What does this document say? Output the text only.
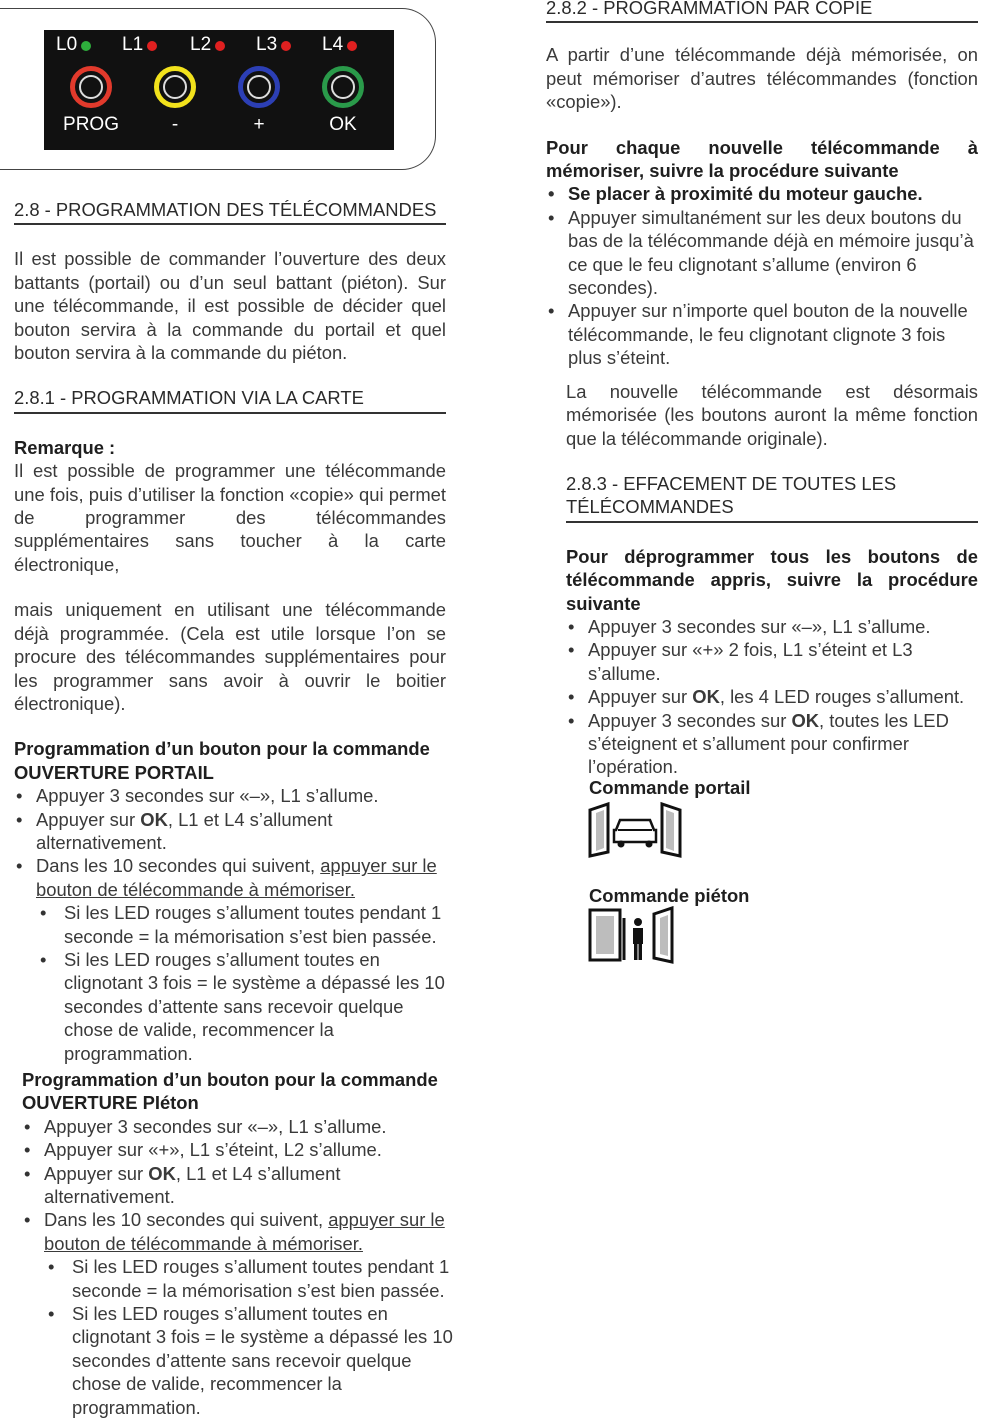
L0	L1	L2	L3	L4
PROG	-	+	OK
2.8 - PROGRAMMATION DES TÉLÉCOMMANDES

Il est possible de commander l’ouverture des deux battants (portail) ou d’un seul battant (piéton). Sur une télécommande, il est possible de décider quel bouton servira à la commande du portail et quel bouton servira à la commande du piéton.

2.8.1 - PROGRAMMATION VIA LA CARTE

Remarque :

Il est possible de programmer une télécommande une fois, puis d’utiliser la fonction «copie» qui permet de programmer des télécommandes supplémentaires sans toucher à la carte électronique,

mais uniquement en utilisant une télécommande déjà programmée. (Cela est utile lorsque l’on se procure des télécommandes supplémentaires pour les programmer sans avoir à ouvrir le boitier électronique).

Programmation d’un bouton pour la commande

OUVERTURE PORTAIL

• Appuyer 3 secondes sur «–», L1 s’allume.
• Appuyer sur OK, L1 et L4 s’allument alternativement.
• Dans les 10 secondes qui suivent, appuyer sur le bouton de télécommande à mémoriser.
• Si les LED rouges s’allument toutes pendant 1 seconde = la mémorisation s’est bien passée.
• Si les LED rouges s’allument toutes en clignotant 3 fois = le système a dépassé les 10 secondes d’attente sans recevoir quelque chose de valide, recommencer la programmation.

Programmation d’un bouton pour la commande

OUVERTURE PIéton

• Appuyer 3 secondes sur «–», L1 s’allume.
• Appuyer sur «+», L1 s’éteint, L2 s’allume.
• Appuyer sur OK, L1 et L4 s’allument alternativement.
• Dans les 10 secondes qui suivent, appuyer sur le bouton de télécommande à mémoriser.
• Si les LED rouges s’allument toutes pendant 1 seconde = la mémorisation s’est bien passée.
• Si les LED rouges s’allument toutes en clignotant 3 fois = le système a dépassé les 10 secondes d’attente sans recevoir quelque chose de valide, recommencer la programmation.
2.8.2 - PROGRAMMATION PAR COPIE

A partir d’une télécommande déjà mémorisée, on peut mémoriser d’autres télécommandes (fonction «copie»).

Pour chaque nouvelle télécommande à mémoriser, suivre la procédure suivante

• Se placer à proximité du moteur gauche.
• Appuyer simultanément sur les deux boutons du bas de la télécommande déjà en mémoire jusqu’à ce que le feu clignotant s’allume (environ 6 secondes).
• Appuyer sur n’importe quel bouton de la nouvelle télécommande, le feu clignotant clignote 3 fois plus s’éteint.

La nouvelle télécommande est désormais mémorisée (les boutons auront la même fonction que la télécommande originale).

2.8.3 - EFFACEMENT DE TOUTES LES TÉLÉCOMMANDES

Pour déprogrammer tous les boutons de télécommande appris, suivre la procédure suivante

• Appuyer 3 secondes sur «–», L1 s’allume.
• Appuyer sur «+» 2 fois, L1 s’éteint et L3 s’allume.
• Appuyer sur OK, les 4 LED rouges s’allument.
• Appuyer 3 secondes sur OK, toutes les LED s’éteignent et s’allument pour confirmer l’opération.
Commande portail
Commande piéton
